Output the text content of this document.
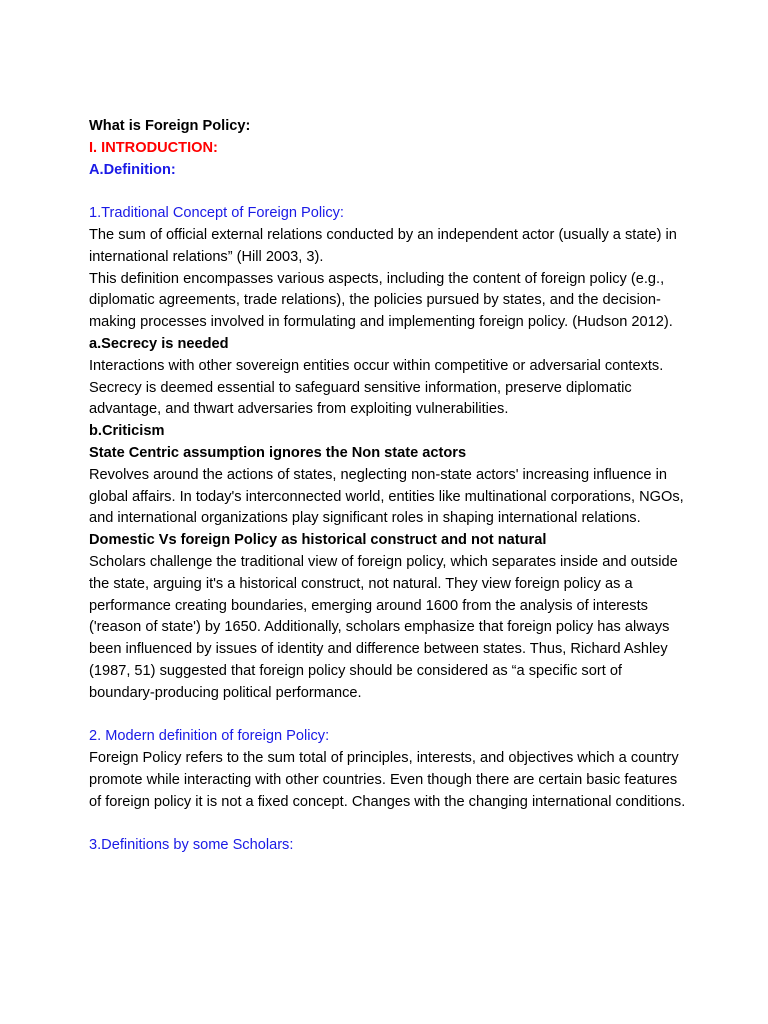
What is Foreign Policy:

I. INTRODUCTION:

A.Definition:

1.Traditional Concept of Foreign Policy:

The sum of official external relations conducted by an independent actor (usually a state) in international relations” (Hill 2003, 3).

This definition encompasses various aspects, including the content of foreign policy (e.g., diplomatic agreements, trade relations), the policies pursued by states, and the decision-making processes involved in formulating and implementing foreign policy. (Hudson 2012).

a.Secrecy is needed

Interactions with other sovereign entities occur within competitive or adversarial contexts. Secrecy is deemed essential to safeguard sensitive information, preserve diplomatic advantage, and thwart adversaries from exploiting vulnerabilities.

b.Criticism

State Centric assumption ignores the Non state actors

Revolves around the actions of states, neglecting non-state actors' increasing influence in global affairs. In today's interconnected world, entities like multinational corporations, NGOs, and international organizations play significant roles in shaping international relations.

Domestic Vs foreign Policy as historical construct and not natural

Scholars challenge the traditional view of foreign policy, which separates inside and outside the state, arguing it's a historical construct, not natural. They view foreign policy as a performance creating boundaries, emerging around 1600 from the analysis of interests ('reason of state') by 1650. Additionally, scholars emphasize that foreign policy has always been influenced by issues of identity and difference between states. Thus, Richard Ashley (1987, 51) suggested that foreign policy should be considered as “a specific sort of boundary-producing political performance.

2. Modern definition of foreign Policy:

Foreign Policy refers to the sum total of principles, interests, and objectives which a country promote while interacting with other countries. Even though there are certain basic features of foreign policy it is not a fixed concept. Changes with the changing international conditions.

3.Definitions by some Scholars:
